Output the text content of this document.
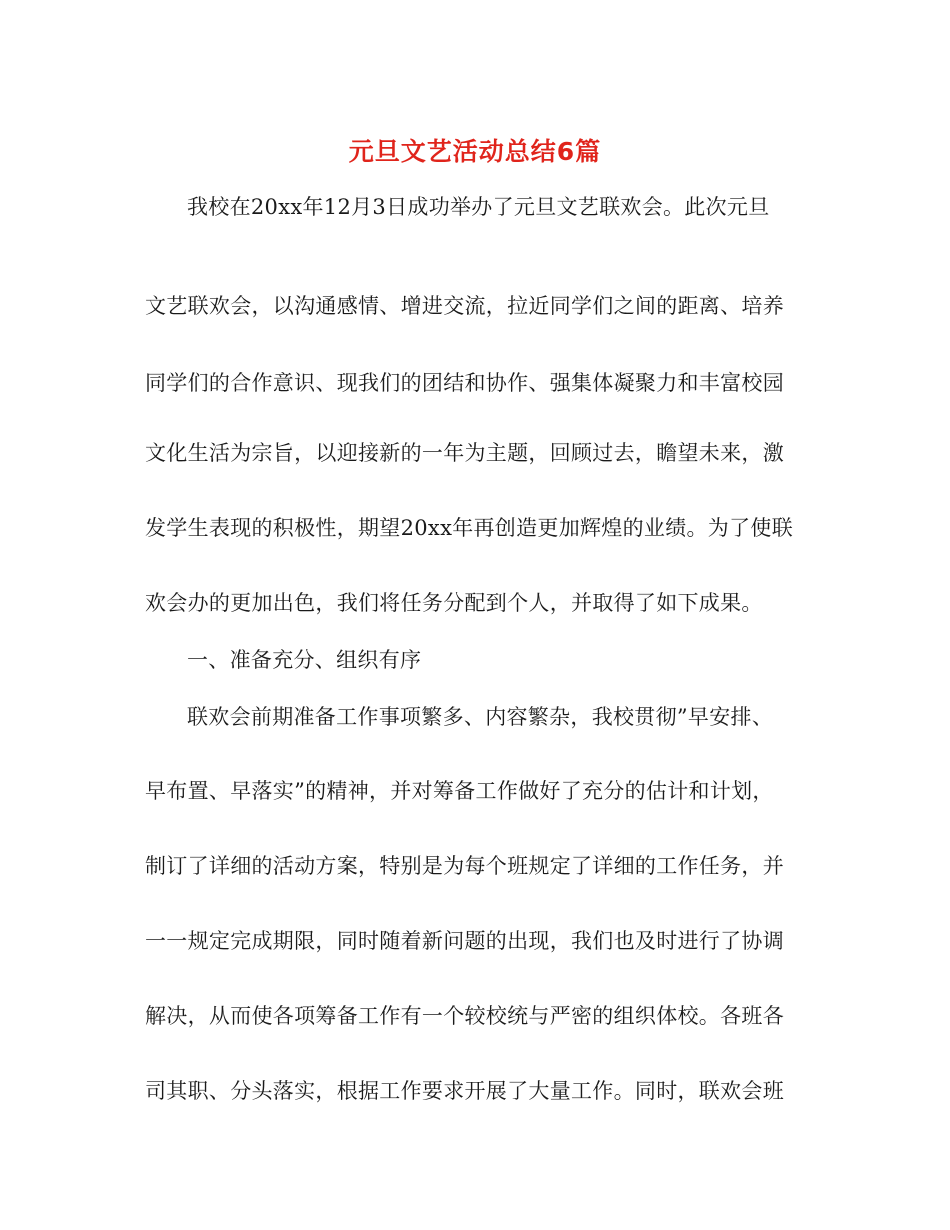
元旦文艺活动总结6篇

我校在20xx年12月3日成功举办了元旦文艺联欢会。此次元旦

文艺联欢会，以沟通感情、增进交流，拉近同学们之间的距离、培养

同学们的合作意识、现我们的团结和协作、强集体凝聚力和丰富校园

文化生活为宗旨，以迎接新的一年为主题，回顾过去，瞻望未来，激

发学生表现的积极性，期望20xx年再创造更加辉煌的业绩。为了使联

欢会办的更加出色，我们将任务分配到个人，并取得了如下成果。

一、准备充分、组织有序

联欢会前期准备工作事项繁多、内容繁杂，我校贯彻”早安排、

早布置、早落实”的精神，并对筹备工作做好了充分的估计和计划，

制订了详细的活动方案，特别是为每个班规定了详细的工作任务，并

一一规定完成期限，同时随着新问题的出现，我们也及时进行了协调

解决，从而使各项筹备工作有一个较校统与严密的组织体校。各班各

司其职、分头落实，根据工作要求开展了大量工作。同时，联欢会班
